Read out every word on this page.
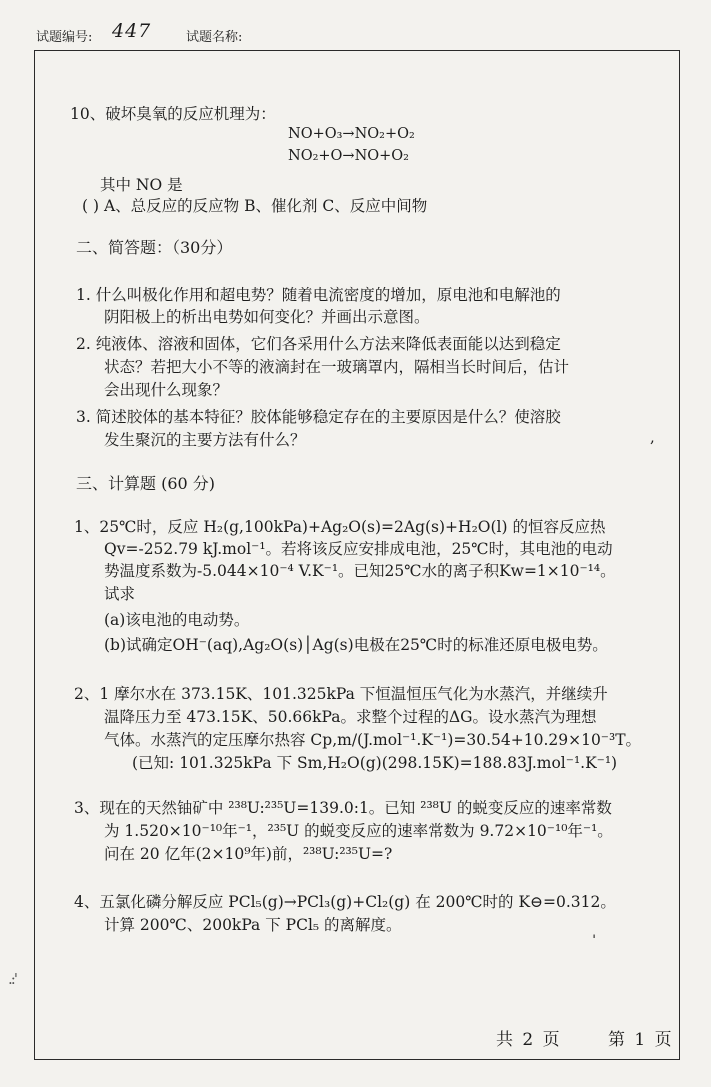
试题编号: 447	试题名称:
10、破坏臭氧的反应机理为：
NO+O₃→NO₂+O₂
NO₂+O→NO+O₂
其中 NO 是
( ) A、总反应的反应物 B、催化剂 C、反应中间物
二、简答题：（30分）
1. 什么叫极化作用和超电势？随着电流密度的增加，原电池和电解池的
阴阳极上的析出电势如何变化？并画出示意图。
2. 纯液体、溶液和固体，它们各采用什么方法来降低表面能以达到稳定
状态？若把大小不等的液滴封在一玻璃罩内，隔相当长时间后，估计
会出现什么现象？
3. 简述胶体的基本特征？胶体能够稳定存在的主要原因是什么？使溶胶
发生聚沉的主要方法有什么？
三、计算题 (60 分)
1、25℃时，反应 H₂(g,100kPa)+Ag₂O(s)=2Ag(s)+H₂O(l) 的恒容反应热
Qv=-252.79 kJ.mol⁻¹。若将该反应安排成电池，25℃时，其电池的电动
势温度系数为-5.044×10⁻⁴ V.K⁻¹。已知25℃水的离子积Kw=1×10⁻¹⁴。
试求
(a)该电池的电动势。
(b)试确定OH⁻(aq),Ag₂O(s)│Ag(s)电极在25℃时的标准还原电极电势。
2、1 摩尔水在 373.15K、101.325kPa 下恒温恒压气化为水蒸汽，并继续升
温降压力至 473.15K、50.66kPa。求整个过程的ΔG。设水蒸汽为理想
气体。水蒸汽的定压摩尔热容 Cp,m/(J.mol⁻¹.K⁻¹)=30.54+10.29×10⁻³T。
(已知: 101.325kPa 下 Sm,H₂O(g)(298.15K)=188.83J.mol⁻¹.K⁻¹)
3、现在的天然铀矿中 ²³⁸U:²³⁵U=139.0:1。已知 ²³⁸U 的蜕变反应的速率常数
为 1.520×10⁻¹⁰年⁻¹，²³⁵U 的蜕变反应的速率常数为 9.72×10⁻¹⁰年⁻¹。
问在 20 亿年(2×10⁹年)前，²³⁸U:²³⁵U=?
4、五氯化磷分解反应 PCl₅(g)→PCl₃(g)+Cl₂(g) 在 200℃时的 K⊖=0.312。
计算 200℃、200kPa 下 PCl₅ 的离解度。
,
ˈ
.:'
共 2 页	第 1 页
